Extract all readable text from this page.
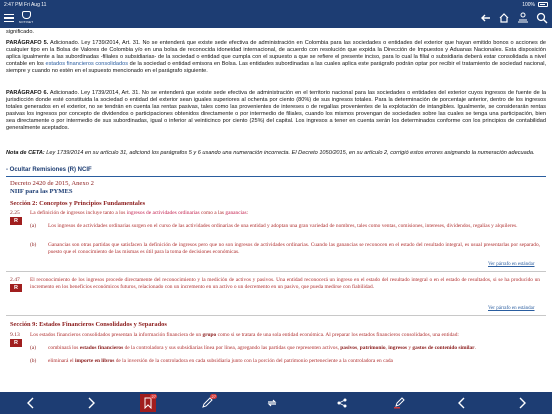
2:47 PM Fri Aug 11	100%
NOTINET
significado.
PARÁGRAFO 5. Adicionado. Ley 1739/2014, Art. 31. No se entenderá que existe sede efectiva de administración en Colombia para las sociedades o entidades del exterior que hayan emitido bonos o acciones de cualquier tipo en la Bolsa de Valores de Colombia y/o en una bolsa de reconocida idoneidad internacional, de acuerdo con resolución que expida la Dirección de Impuestos y Aduanas Nacionales. Esta disposición aplica igualmente a las subordinadas -filiales o subsidiarias- de la sociedad o entidad que cumpla con el supuesto a que se refiere el presente inciso, para lo cual la filial o subsidiaria deberá estar consolidada a nivel contable en los estados financieros consolidados de la sociedad o entidad emisora en Bolsa. Las entidades subordinadas a las cuales aplica este parágrafo podrán optar por recibir el tratamiento de sociedad nacional, siempre y cuando no estén en el supuesto mencionado en el parágrafo siguiente.
PARÁGRAFO 6. Adicionado. Ley 1739/2014, Art. 31. No se entenderá que existe sede efectiva de administración en el territorio nacional para las sociedades o entidades del exterior cuyos ingresos de fuente de la jurisdicción donde esté constituida la sociedad o entidad del exterior sean iguales superiores al ochenta por ciento (80%) de sus ingresos totales. Para la determinación de porcentaje anterior, dentro de los ingresos totales generados en el exterior, no se tendrán en cuenta las rentas pasivas, tales como las provenientes de intereses o de regalías provenientes de la explotación de intangibles. Igualmente, se considerarán rentas pasivas los ingresos por concepto de dividendos o participaciones obtenidos directamente o por intermedio de filiales, cuando los mismos provengan de sociedades sobre las cuales se tenga una participación, bien sea directamente o por intermedio de sus subordinadas, igual o inferior al veinticinco por ciento (25%) del capital. Los ingresos a tener en cuenta serán los determinados conforme con los principios de contabilidad generalmente aceptados.
Nota de CETA: Ley 1739/2014 en su artículo 31, adicionó los parágrafos 5 y 6 usando una numeración incorrecta. El Decreto 1050/2015, en su artículo 2, corrigió estos errores asignando la numeración adecuada.
- Ocultar Remisiones (R) NCIF
Decreto 2420 de 2015, Anexo 2
NIIF para las PYMES
Sección 2: Conceptos y Principios Fundamentales
2.25
R
La definición de ingresos incluye tanto a los ingresos de actividades ordinarias como a las ganancias:
(a) Los ingresos de actividades ordinarias surgen en el curso de las actividades ordinarias de una entidad y adoptan una gran variedad de nombres, tales como ventas, comisiones, intereses, dividendos, regalías y alquileres.
(b) Ganancias son otras partidas que satisfacen la definición de ingresos pero que no son ingresos de actividades ordinarias. Cuando las ganancias se reconocen en el estado del resultado integral, es usual presentarlas por separado, puesto que el conocimiento de las mismas es útil para la toma de decisiones económicas.
Ver párrafo en estándar
2.47
R
El reconocimiento de los ingresos procede directamente del reconocimiento y la medición de activos y pasivos. Una entidad reconocerá un ingreso en el estado del resultado integral o en el estado de resultados, si se ha producido un incremento en los beneficios económicos futuros, relacionado con un incremento en un activo o un decremento en un pasivo, que pueda medirse con fiabilidad.
Ver párrafo en estándar
Sección 9: Estados Financieros Consolidados y Separados
9.13
R
Los estados financieros consolidados presentan la información financiera de un grupo como si se tratara de una sola entidad económica. Al preparar los estados financieros consolidados, una entidad:
(a) combinará los estados financieros de la controladora y sus subsidiarias línea por línea, agregando las partidas que representen activos, pasivos, patrimonio, ingresos y gastos de contenido similar.
(b) eliminará el importe en libros de la inversión de la controladora en cada subsidiaria junto con la porción del patrimonio perteneciente a la controladora en cada
27	27
